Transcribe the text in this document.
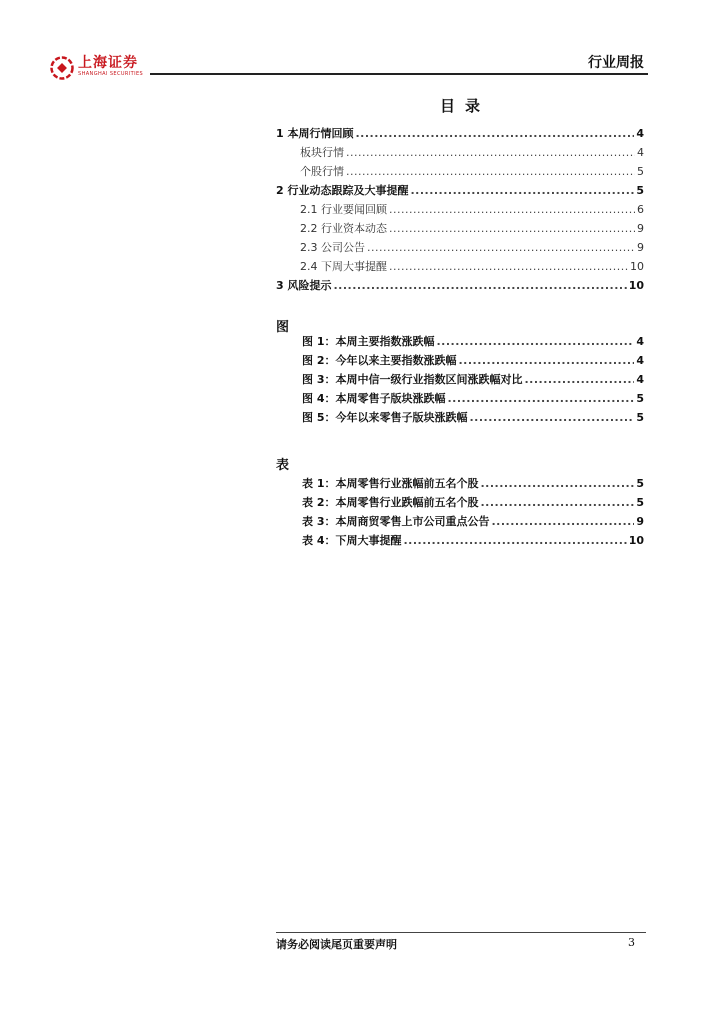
上海证券
SHANGHAI SECURITIES
行业周报
目录
1 本周行情回顾 .....	4
板块行情 .....	4
个股行情 .....	5
2 行业动态跟踪及大事提醒 .....	5
2.1 行业要闻回顾 .....	6
2.2 行业资本动态 .....	9
2.3 公司公告 .....	9
2.4 下周大事提醒 .....	10
3 风险提示 .....	10
图
图 1：本周主要指数涨跌幅 .....	4
图 2：今年以来主要指数涨跌幅 .....	4
图 3：本周中信一级行业指数区间涨跌幅对比 .....	4
图 4：本周零售子版块涨跌幅 .....	5
图 5：今年以来零售子版块涨跌幅 .....	5
表
表 1：本周零售行业涨幅前五名个股 .....	5
表 2：本周零售行业跌幅前五名个股 .....	5
表 3：本周商贸零售上市公司重点公告 .....	9
表 4：下周大事提醒 .....	10
请务必阅读尾页重要声明	3
